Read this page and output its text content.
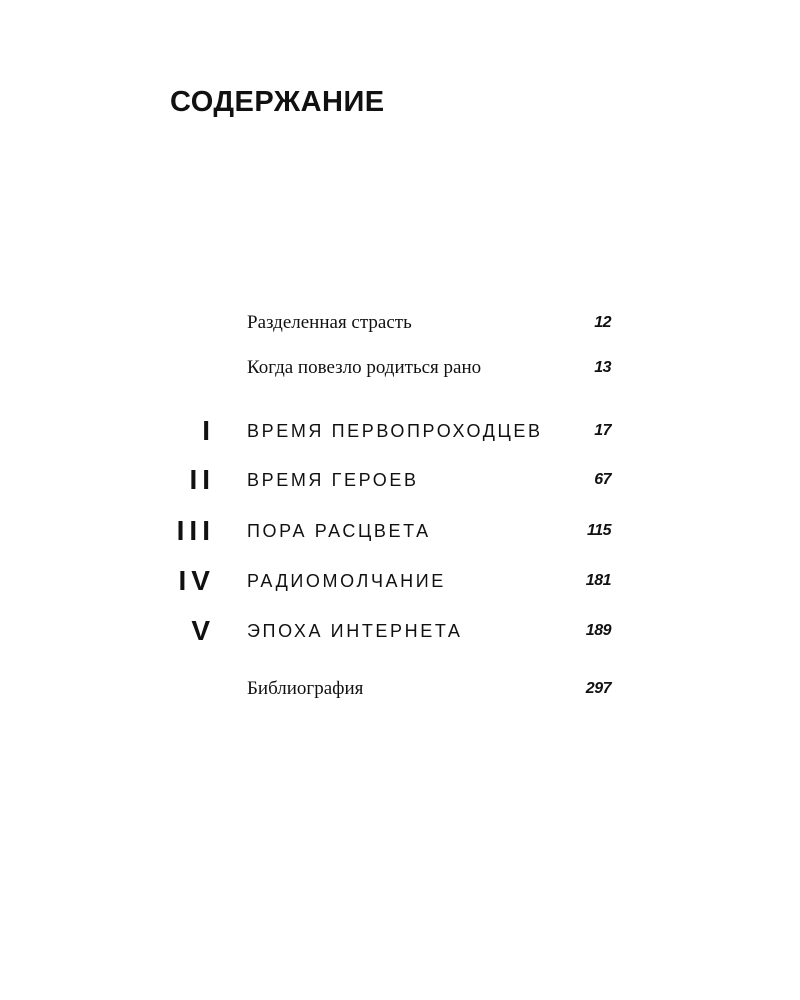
СОДЕРЖАНИЕ
Разделенная страсть	12
Когда повезло родиться рано	13
I ВРЕМЯ ПЕРВОПРОХОДЦЕВ	17
II ВРЕМЯ ГЕРОЕВ	67
III ПОРА РАСЦВЕТА	115
IV РАДИОМОЛЧАНИЕ	181
V ЭПОХА ИНТЕРНЕТА	189
Библиография	297
